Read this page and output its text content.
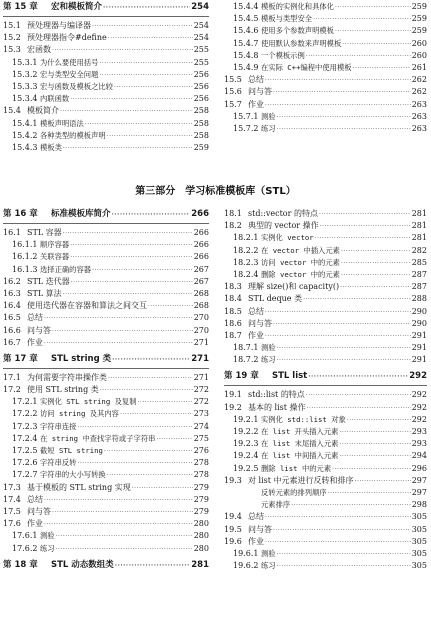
第 15 章	宏和模板简介 ·····	254
15.1 预处理器与编译器 ·····	254
15.2 预处理器指令#define ·····	254
15.3 宏函数 ·····	255
15.3.1 为什么要使用括号 ·····	255
15.3.2 宏与类型安全问题 ·····	256
15.3.3 宏与函数及模板之比较 ·····	256
15.3.4 内联函数 ·····	256
15.4 模板简介 ·····	258
15.4.1 模板声明语法 ·····	258
15.4.2 各种类型的模板声明 ·····	258
15.4.3 模板类 ·····	259
15.4.4 模板的实例化和具体化 ·····	259
15.4.5 模板与类型安全 ·····	259
15.4.6 使用多个参数声明模板 ·····	259
15.4.7 使用默认参数来声明模板 ·····	260
15.4.8 一个模板示例 ·····	260
15.4.9 在实际 C++编程中使用模板 ·····	261
15.5 总结 ·····	262
15.6 问与答 ·····	262
15.7 作业 ·····	263
15.7.1 测验 ·····	263
15.7.2 练习 ·····	263
第三部分　学习标准模板库（STL）
第 16 章	标准模板库简介 ·····	266
16.1 STL 容器 ·····	266
16.1.1 顺序容器 ·····	266
16.1.2 关联容器 ·····	266
16.1.3 选择正确的容器 ·····	267
16.2 STL 迭代器 ·····	267
16.3 STL 算法 ·····	268
16.4 使用迭代器在容器和算法之间交互 ·····	268
16.5 总结 ·····	270
16.6 问与答 ·····	270
16.7 作业 ·····	271
第 17 章	STL string 类 ·····	271
17.1 为何需要字符串操作类 ·····	271
17.2 使用 STL string 类 ·····	272
17.2.1 实例化 STL string 及复制 ·····	272
17.2.2 访问 string 及其内容 ·····	273
17.2.3 字符串连接 ·····	274
17.2.4 在 string 中查找字符或子字符串 ·····	275
17.2.5 截短 STL string ·····	276
17.2.6 字符串反转 ·····	278
17.2.7 字符串的大小写转换 ·····	278
17.3 基于模板的 STL string 实现 ·····	279
17.4 总结 ·····	279
17.5 问与答 ·····	279
17.6 作业 ·····	280
17.6.1 测验 ·····	280
17.6.2 练习 ·····	280
第 18 章	STL 动态数组类 ·····	281
18.1 std::vector 的特点 ·····	281
18.2 典型的 vector 操作 ·····	281
18.2.1 实例化 vector ·····	281
18.2.2 在 vector 中插入元素 ·····	282
18.2.3 访问 vector 中的元素 ·····	285
18.2.4 删除 vector 中的元素 ·····	287
18.3 理解 size()和 capacity() ·····	287
18.4 STL deque 类 ·····	288
18.5 总结 ·····	290
18.6 问与答 ·····	290
18.7 作业 ·····	291
18.7.1 测验 ·····	291
18.7.2 练习 ·····	291
第 19 章	STL list ·····	292
19.1 std::list 的特点 ·····	292
19.2 基本的 list 操作 ·····	292
19.2.1 实例化 std::list 对象 ·····	292
19.2.2 在 list 开头插入元素 ·····	293
19.2.3 在 list 末尾插入元素 ·····	293
19.2.4 在 list 中间插入元素 ·····	294
19.2.5 删除 list 中的元素 ·····	296
19.3 对 list 中元素进行反转和排序 ·····	297
反转元素的排列顺序 ·····	297
元素排序 ·····	298
19.4 总结 ·····	305
19.5 问与答 ·····	305
19.6 作业 ·····	305
19.6.1 测验 ·····	305
19.6.2 练习 ·····	305
